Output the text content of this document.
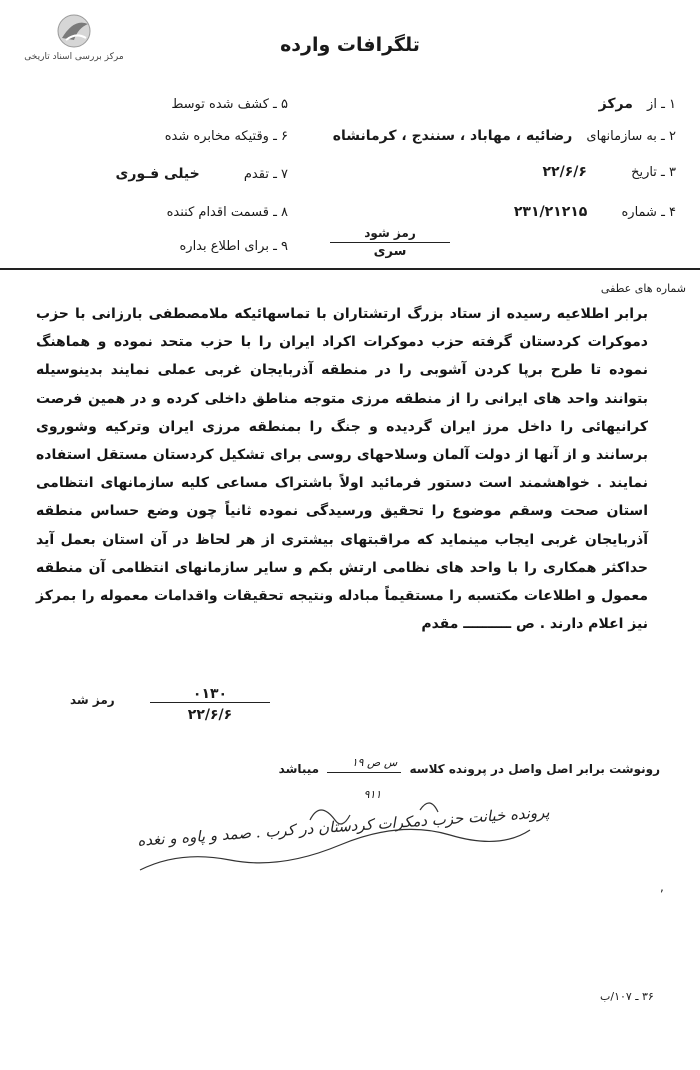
مرکز بررسی اسناد تاریخی
تلگرافات وارده
۱ ـ از مرکز
۲ ـ به سازمانهای رضائیه ، مهاباد ، سنندج ، کرمانشاه
۳ ـ تاریخ ۲۲/۶/۶
۴ ـ شماره ۲۳۱/۲۱۲۱۵
۵ ـ کشف شده توسط
۶ ـ وقتیکه مخابره شده
۷ ـ تقدم خیلی فـوری
۸ ـ قسمت اقدام کننده
۹ ـ برای اطلاع بداره
رمز شود
سری
شماره های عطفی
برابر اطلاعیه رسیده از ستاد بزرگ ارتشتاران با تماسهائیکه ملامصطفی بارزانی با حزب دموکرات کردستان گرفته حزب دموکرات اکراد ایران را با حزب متحد نموده و هماهنگ نموده تا طرح برپا کردن آشوبی را در منطقه آذربایجان غربی عملی نمایند بدینوسیله بتوانند واحد های ایرانی را از منطقه مرزی متوجه مناطق داخلی کرده و در همین فرصت کرانیهائی را داخل مرز ایران گردیده و جنگ را بمنطقه مرزی ایران وترکیه وشوروی برسانند و از آنها از دولت آلمان وسلاحهای روسی برای تشکیل کردستان مستقل استفاده نمایند . خواهشمند است دستور فرمائید اولاً باشتراک مساعی کلیه سازمانهای انتظامی استان صحت وسقم موضوع را تحقیق ورسیدگی نموده ثانیاً چون وضع حساس منطقه آذربایجان غربی ایجاب مینماید که مراقبتهای بیشتری از هر لحاظ در آن استان بعمل آید حداکثر همکاری را با واحد های نظامی ارتش بکم و سایر سازمانهای انتظامی آن منطقه معمول و اطلاعات مکتسبه را مستقیماً مبادله ونتیجه تحقیقات واقدامات معموله را بمرکز نیز اعلام دارند . ص ــــــــــ مقدم
رمز شد	۰۱۳۰
۲۲/۶/۶
رونوشت برابر اصل واصل در پرونده کلاسه
س ص ۱۹
۹۱۱
میباشد
پرونده خیانت حزب دمکرات کردستان در کرب . صمد و پاوه و نغده
,
۳۶ ـ ۱۰۷/ب
